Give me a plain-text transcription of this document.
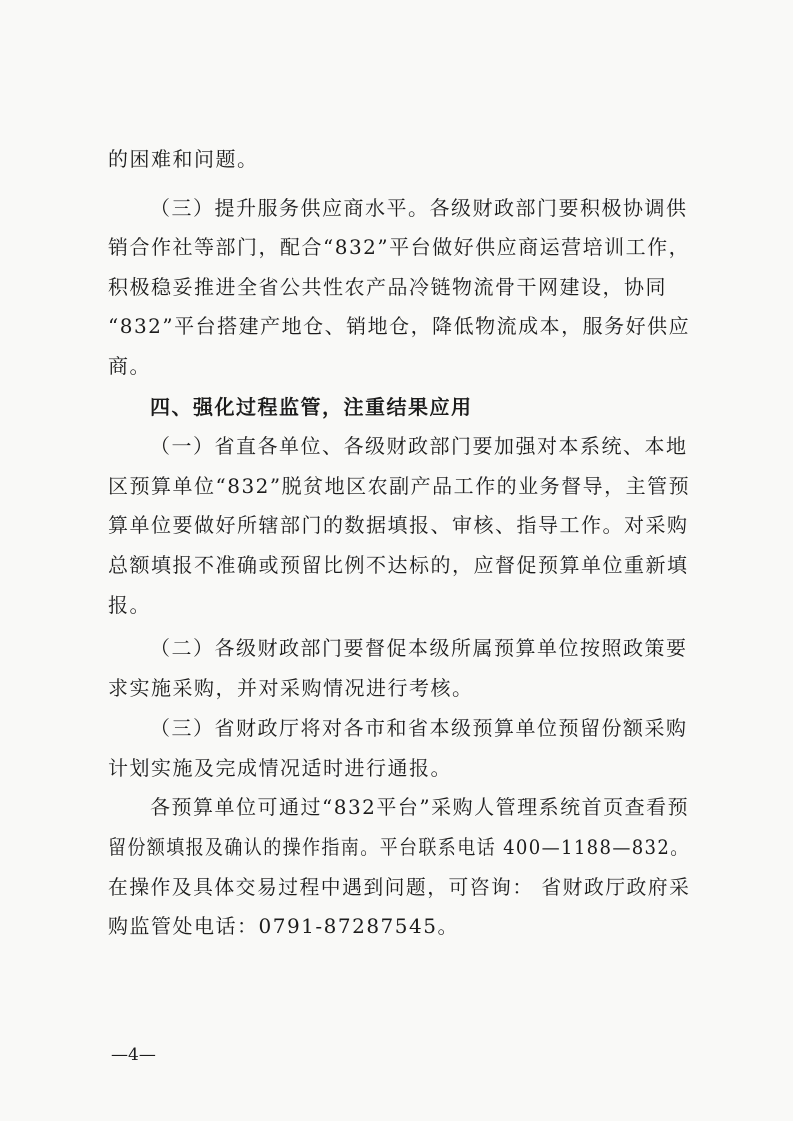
的困难和问题。
（三）提升服务供应商水平。各级财政部门要积极协调供
销合作社等部门，配合“832”平台做好供应商运营培训工作，
积极稳妥推进全省公共性农产品冷链物流骨干网建设，协同
“832”平台搭建产地仓、销地仓，降低物流成本，服务好供应
商。
四、强化过程监管，注重结果应用
（一）省直各单位、各级财政部门要加强对本系统、本地
区预算单位“832”脱贫地区农副产品工作的业务督导，主管预
算单位要做好所辖部门的数据填报、审核、指导工作。对采购
总额填报不准确或预留比例不达标的，应督促预算单位重新填
报。
（二）各级财政部门要督促本级所属预算单位按照政策要
求实施采购，并对采购情况进行考核。
（三）省财政厅将对各市和省本级预算单位预留份额采购
计划实施及完成情况适时进行通报。
各预算单位可通过“832平台”采购人管理系统首页查看预
留份额填报及确认的操作指南。平台联系电话 400—1188—832。
在操作及具体交易过程中遇到问题，可咨询： 省财政厅政府采
购监管处电话：0791-87287545。
—4—
